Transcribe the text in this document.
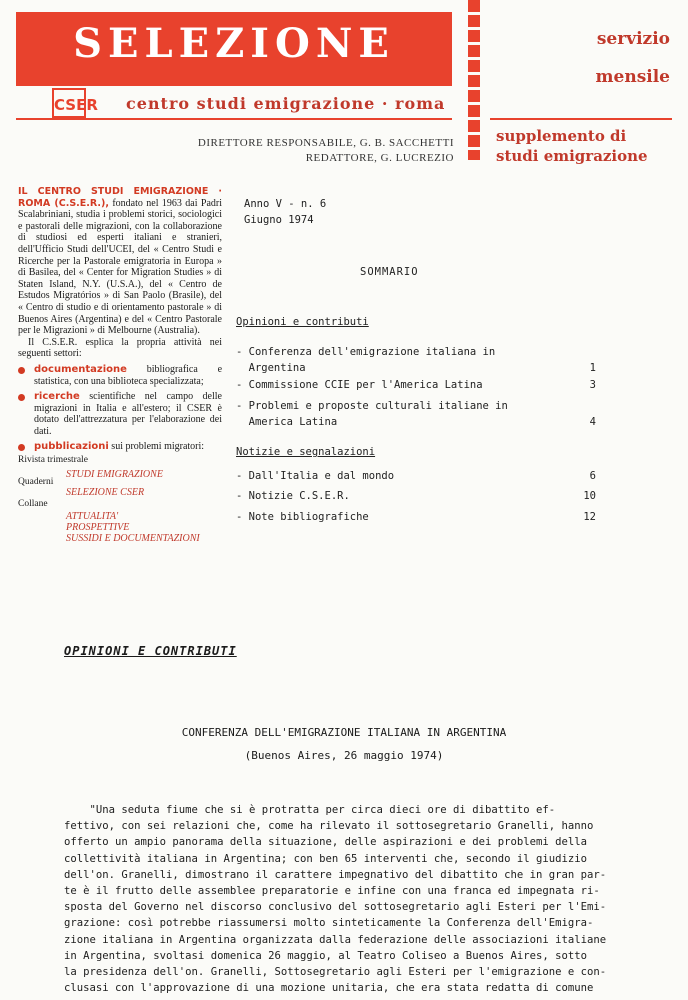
SELEZIONE
CSER centro studi emigrazione · roma
servizio
mensile
supplemento di
studi emigrazione
DIRETTORE RESPONSABILE, G. B. SACCHETTI
REDATTORE, G. LUCREZIO
IL CENTRO STUDI EMIGRAZIONE · ROMA (C.S.E.R.), fondato nel 1963 dai Padri Scalabriniani, studia i problemi storici, sociologici e pastorali delle migrazioni, con la collaborazione di studiosi ed esperti italiani e stranieri, dell'Ufficio Studi dell'UCEI, del « Centro Studi e Ricerche per la Pastorale emigratoria in Europa » di Basilea, del « Center for Migration Studies » di Staten Island, N.Y. (U.S.A.), del « Centro de Estudos Migratórios » di San Paolo (Brasile), del « Centro di studio e di orientamento pastorale » di Buenos Aires (Argentina) e del « Centro Pastorale per le Migrazioni » di Melbourne (Australia).
Il C.S.E.R. esplica la propria attività nei seguenti settori:
documentazione bibliografica e statistica, con una biblioteca specializzata;
ricerche scientifiche nel campo delle migrazioni in Italia e all'estero; il CSER è dotato dell'attrezzatura per l'elaborazione dei dati.
pubblicazioni sui problemi migratori:
Rivista trimestrale
STUDI EMIGRAZIONE
Quaderni
SELEZIONE CSER
Collane
ATTUALITA'
PROSPETTIVE
SUSSIDI E DOCUMENTAZIONI
Anno V - n. 6
Giugno 1974
SOMMARIO
Opinioni e contributi
- Conferenza dell'emigrazione italiana in
Argentina	1
- Commissione CCIE per l'America Latina	3
- Problemi e proposte culturali italiane in
America Latina	4
Notizie e segnalazioni
- Dall'Italia e dal mondo	6
- Notizie C.S.E.R.	10
- Note bibliografiche	12
OPINIONI E CONTRIBUTI
CONFERENZA DELL'EMIGRAZIONE ITALIANA IN ARGENTINA
(Buenos Aires, 26 maggio 1974)
"Una seduta fiume che si è protratta per circa dieci ore di dibattito ef-
fettivo, con sei relazioni che, come ha rilevato il sottosegretario Granelli, hanno
offerto un ampio panorama della situazione, delle aspirazioni e dei problemi della
collettività italiana in Argentina; con ben 65 interventi che, secondo il giudizio
dell'on. Granelli, dimostrano il carattere impegnativo del dibattito che in gran par-
te è il frutto delle assemblee preparatorie e infine con una franca ed impegnata ri-
sposta del Governo nel discorso conclusivo del sottosegretario agli Esteri per l'Emi-
grazione: così potrebbe riassumersi molto sinteticamente la Conferenza dell'Emigra-
zione italiana in Argentina organizzata dalla federazione delle associazioni italiane
in Argentina, svoltasi domenica 26 maggio, al Teatro Coliseo a Buenos Aires, sotto
la presidenza dell'on. Granelli, Sottosegretario agli Esteri per l'emigrazione e con-
clusasi con l'approvazione di una mozione unitaria, che era stata redatta di comune
